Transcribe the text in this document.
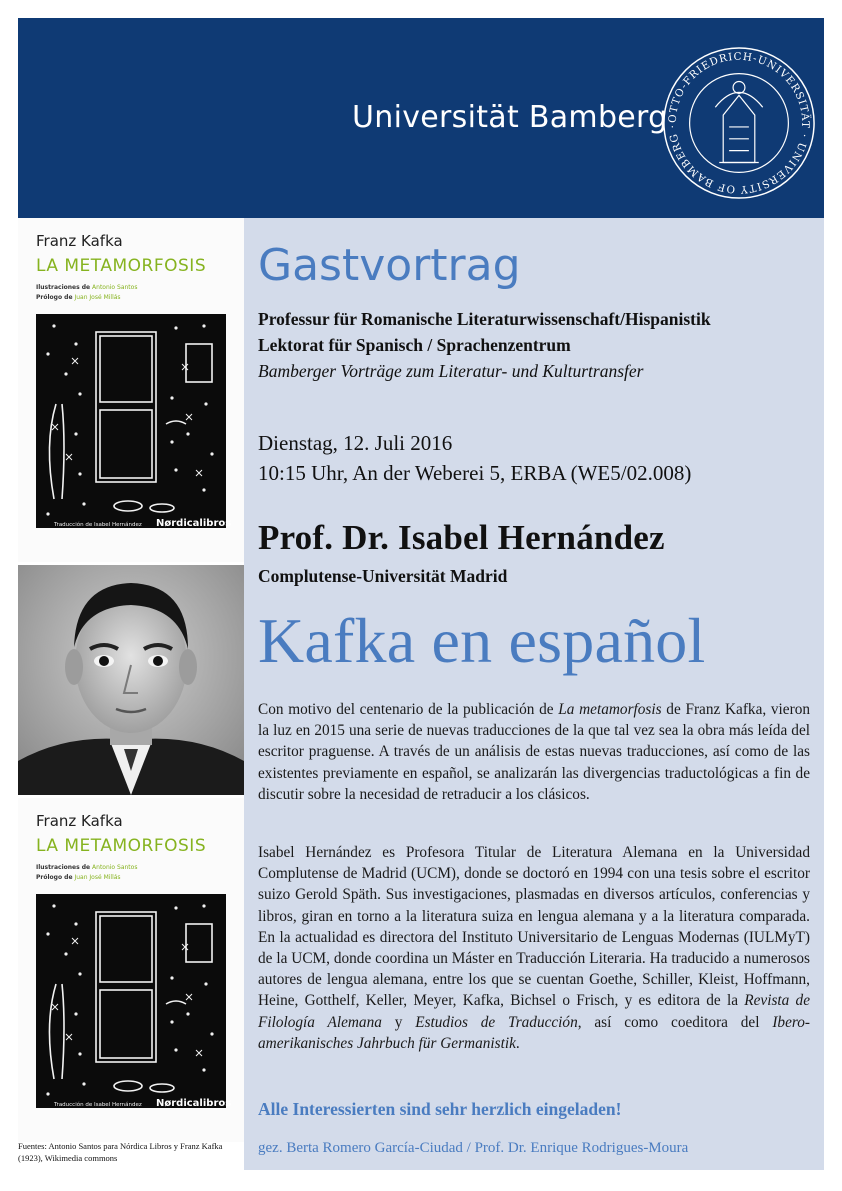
Universität Bamberg OTTO-FRIEDRICH-UNIVERSITÄT · UNIVERSITY OF BAMBERG ·
Franz Kafka
LA METAMORFOSIS
Ilustraciones de Antonio Santos
Prólogo de Juan José Millás
Traducción de Isabel Hernández Nørdicalibros
Franz Kafka
LA METAMORFOSIS
Ilustraciones de Antonio Santos
Prólogo de Juan José Millás
Traducción de Isabel Hernández Nørdicalibros
Fuentes: Antonio Santos para Nórdica Libros y Franz Kafka (1923), Wikimedia commons
Gastvortrag
Professur für Romanische Literaturwissenschaft/Hispanistik
Lektorat für Spanisch / Sprachenzentrum
Bamberger Vorträge zum Literatur- und Kulturtransfer
Dienstag, 12. Juli 2016
10:15 Uhr, An der Weberei 5, ERBA (WE5/02.008)
Prof. Dr. Isabel Hernández
Complutense-Universität Madrid
Kafka en español
Con motivo del centenario de la publicación de La metamorfosis de Franz Kafka, vieron la luz en 2015 una serie de nuevas traducciones de la que tal vez sea la obra más leída del escritor praguense. A través de un análisis de estas nuevas traducciones, así como de las existentes previamente en español, se analizarán las divergencias traductológicas a fin de discutir sobre la necesidad de retraducir a los clásicos.
Isabel Hernández es Profesora Titular de Literatura Alemana en la Universidad Complutense de Madrid (UCM), donde se doctoró en 1994 con una tesis sobre el escritor suizo Gerold Späth. Sus investigaciones, plasmadas en diversos artículos, conferencias y libros, giran en torno a la literatura suiza en lengua alemana y a la literatura comparada. En la actualidad es directora del Instituto Universitario de Lenguas Modernas (IULMyT) de la UCM, donde coordina un Máster en Traducción Literaria. Ha traducido a numerosos autores de lengua alemana, entre los que se cuentan Goethe, Schiller, Kleist, Hoffmann, Heine, Gotthelf, Keller, Meyer, Kafka, Bichsel o Frisch, y es editora de la Revista de Filología Alemana y Estudios de Traducción, así como coeditora del Ibero-amerikanisches Jahrbuch für Germanistik.
Alle Interessierten sind sehr herzlich eingeladen!
gez. Berta Romero García-Ciudad / Prof. Dr. Enrique Rodrigues-Moura
